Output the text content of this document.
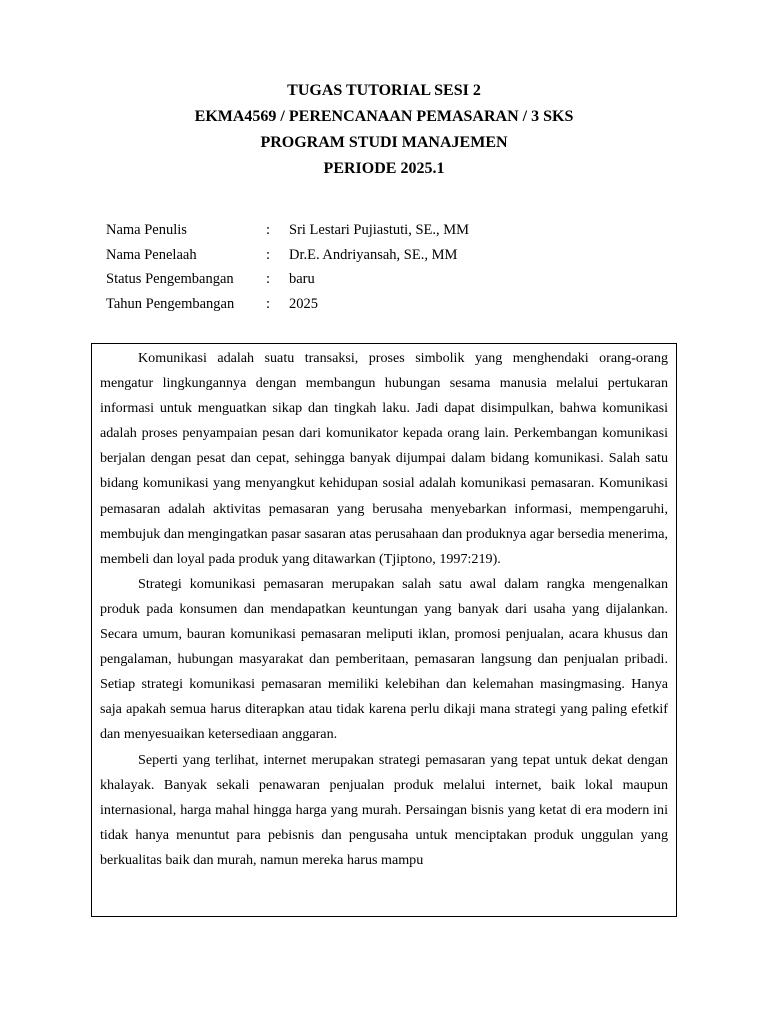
TUGAS TUTORIAL SESI 2
EKMA4569 / PERENCANAAN PEMASARAN / 3 SKS
PROGRAM STUDI MANAJEMEN
PERIODE 2025.1
Nama Penulis	:	Sri Lestari Pujiastuti, SE., MM
Nama Penelaah	:	Dr.E. Andriyansah, SE., MM
Status Pengembangan	:	baru
Tahun Pengembangan	:	2025

Komunikasi adalah suatu transaksi, proses simbolik yang menghendaki orang-orang mengatur lingkungannya dengan membangun hubungan sesama manusia melalui pertukaran informasi untuk menguatkan sikap dan tingkah laku. Jadi dapat disimpulkan, bahwa komunikasi adalah proses penyampaian pesan dari komunikator kepada orang lain. Perkembangan komunikasi berjalan dengan pesat dan cepat, sehingga banyak dijumpai dalam bidang komunikasi. Salah satu bidang komunikasi yang menyangkut kehidupan sosial adalah komunikasi pemasaran. Komunikasi pemasaran adalah aktivitas pemasaran yang berusaha menyebarkan informasi, mempengaruhi, membujuk dan mengingatkan pasar sasaran atas perusahaan dan produknya agar bersedia menerima, membeli dan loyal pada produk yang ditawarkan (Tjiptono, 1997:219).

Strategi komunikasi pemasaran merupakan salah satu awal dalam rangka mengenalkan produk pada konsumen dan mendapatkan keuntungan yang banyak dari usaha yang dijalankan. Secara umum, bauran komunikasi pemasaran meliputi iklan, promosi penjualan, acara khusus dan pengalaman, hubungan masyarakat dan pemberitaan, pemasaran langsung dan penjualan pribadi. Setiap strategi komunikasi pemasaran memiliki kelebihan dan kelemahan masingmasing. Hanya saja apakah semua harus diterapkan atau tidak karena perlu dikaji mana strategi yang paling efetkif dan menyesuaikan ketersediaan anggaran.

Seperti yang terlihat, internet merupakan strategi pemasaran yang tepat untuk dekat dengan khalayak. Banyak sekali penawaran penjualan produk melalui internet, baik lokal maupun internasional, harga mahal hingga harga yang murah. Persaingan bisnis yang ketat di era modern ini tidak hanya menuntut para pebisnis dan pengusaha untuk menciptakan produk unggulan yang berkualitas baik dan murah, namun mereka harus mampu
